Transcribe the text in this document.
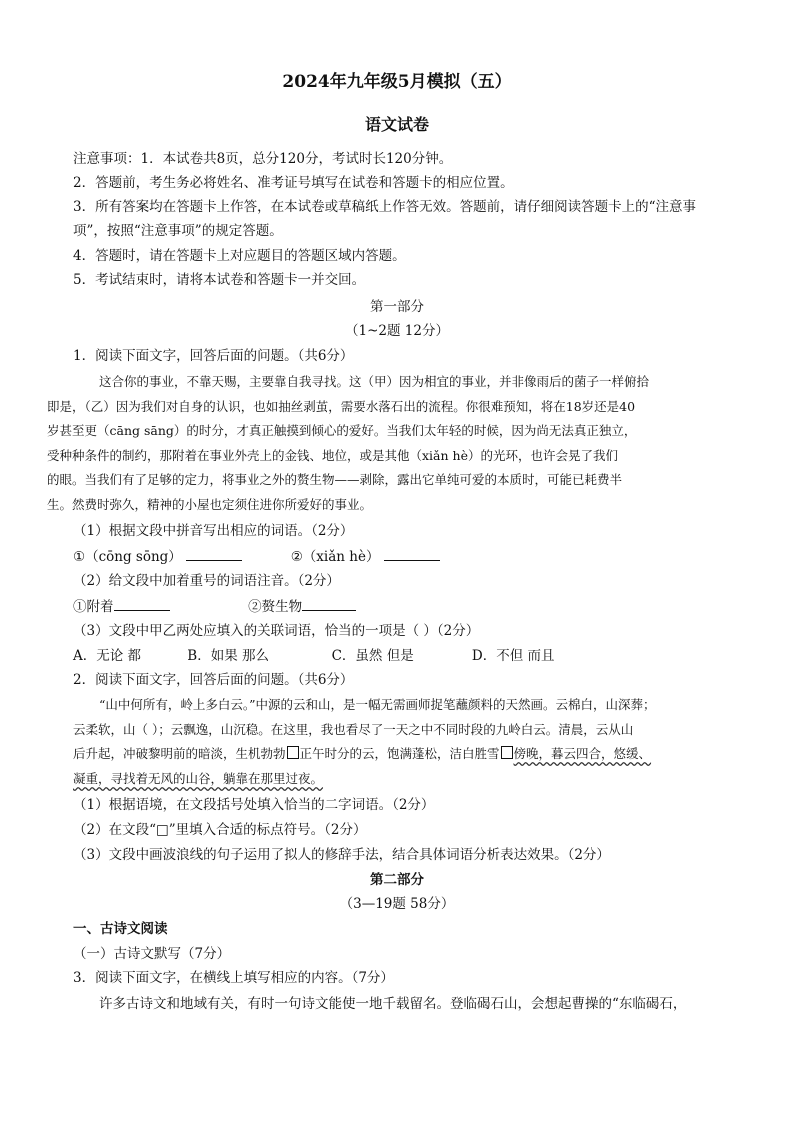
2024年九年级5月模拟（五）
语文试卷
注意事项：1．本试卷共8页，总分120分，考试时长120分钟。
2．答题前，考生务必将姓名、准考证号填写在试卷和答题卡的相应位置。
3．所有答案均在答题卡上作答，在本试卷或草稿纸上作答无效。答题前，请仔细阅读答题卡上的“注意事
项”，按照“注意事项”的规定答题。
4．答题时，请在答题卡上对应题目的答题区域内答题。
5．考试结束时，请将本试卷和答题卡一并交回。
第一部分
（1~2题 12分）
1．阅读下面文字，回答后面的问题。（共6分）
这合你的事业，不靠天赐，主要靠自我寻找。这（甲）因为相宜的事业，并非像雨后的菌子一样俯拾
即是，（乙）因为我们对自身的认识，也如抽丝剥茧，需要水落石出的流程。你很难预知，将在18岁还是40
岁甚至更（cāng sāng）的时分，才真正触摸到倾心的爱好。当我们太年轻的时候，因为尚无法真正独立，
受种种条件的制约，那附着在事业外壳上的金钱、地位，或是其他（xiǎn hè）的光环，也许会晃了我们
的眼。当我们有了足够的定力，将事业之外的赘生物——剥除，露出它单纯可爱的本质时，可能已耗费半
生。然费时弥久，精神的小屋也定须住进你所爱好的事业。
（1）根据文段中拼音写出相应的词语。（2分）
①（cōng sōng）	②（xiǎn hè）
（2）给文段中加着重号的词语注音。（2分）
①附着	②赘生物
（3）文段中甲乙两处应填入的关联词语，恰当的一项是（ ）（2分）
A．无论 都	B．如果 那么	C．虽然 但是	D．不但 而且
2．阅读下面文字，回答后面的问题。（共6分）
“山中何所有，岭上多白云。”中源的云和山，是一幅无需画师捉笔蘸颜料的天然画。云棉白，山深葬；
云柔软，山（ ）；云飘逸，山沉稳。在这里，我也看尽了一天之中不同时段的九岭白云。清晨，云从山
后升起，冲破黎明前的暗淡，生机勃勃 正午时分的云，饱满蓬松，洁白胜雪 傍晚，暮云四合，悠缓、
凝重，寻找着无风的山谷，躺靠在那里过夜。
（1）根据语境，在文段括号处填入恰当的二字词语。（2分）
（2）在文段“□”里填入合适的标点符号。（2分）
（3）文段中画波浪线的句子运用了拟人的修辞手法，结合具体词语分析表达效果。（2分）
第二部分
（3—19题 58分）
一、古诗文阅读
（一）古诗文默写（7分）
3．阅读下面文字，在横线上填写相应的内容。（7分）
许多古诗文和地域有关，有时一句诗文能使一地千载留名。登临碣石山，会想起曹操的“东临碣石，
